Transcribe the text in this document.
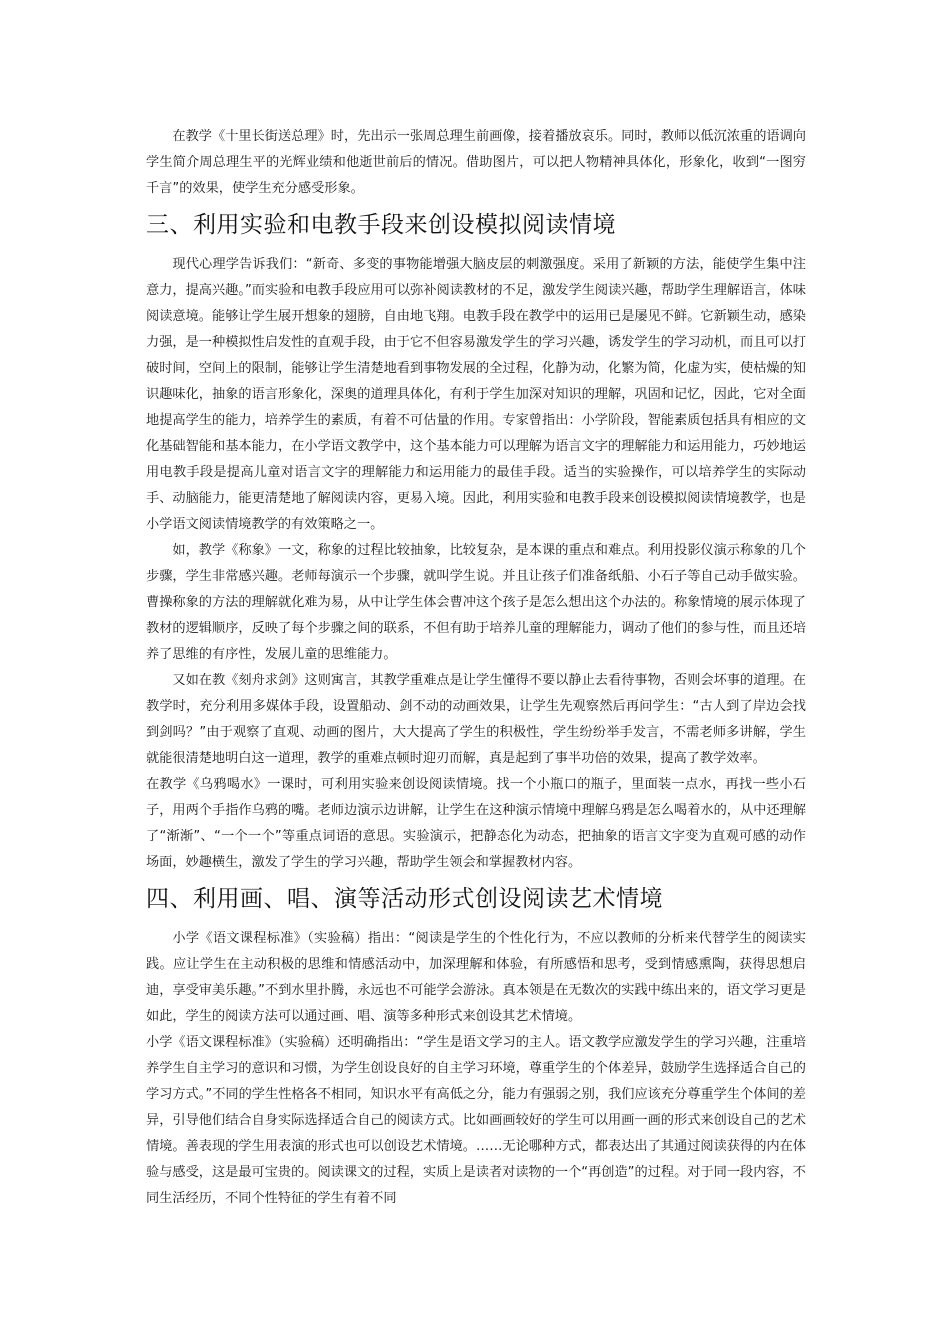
在教学《十里长街送总理》时，先出示一张周总理生前画像，接着播放哀乐。同时，教师以低沉浓重的语调向学生简介周总理生平的光辉业绩和他逝世前后的情况。借助图片，可以把人物精神具体化，形象化，收到“一图穷千言”的效果，使学生充分感受形象。

三、利用实验和电教手段来创设模拟阅读情境

现代心理学告诉我们：“新奇、多变的事物能增强大脑皮层的刺激强度。采用了新颖的方法，能使学生集中注意力，提高兴趣。”而实验和电教手段应用可以弥补阅读教材的不足，激发学生阅读兴趣，帮助学生理解语言，体味阅读意境。能够让学生展开想象的翅膀，自由地飞翔。电教手段在教学中的运用已是屡见不鲜。它新颖生动，感染力强，是一种模拟性启发性的直观手段，由于它不但容易激发学生的学习兴趣，诱发学生的学习动机，而且可以打破时间，空间上的限制，能够让学生清楚地看到事物发展的全过程，化静为动，化繁为简，化虚为实，使枯燥的知识趣味化，抽象的语言形象化，深奥的道理具体化，有利于学生加深对知识的理解，巩固和记忆，因此，它对全面地提高学生的能力，培养学生的素质，有着不可估量的作用。专家曾指出：小学阶段，智能素质包括具有相应的文化基础智能和基本能力，在小学语文教学中，这个基本能力可以理解为语言文字的理解能力和运用能力，巧妙地运用电教手段是提高儿童对语言文字的理解能力和运用能力的最佳手段。适当的实验操作，可以培养学生的实际动手、动脑能力，能更清楚地了解阅读内容，更易入境。因此，利用实验和电教手段来创设模拟阅读情境教学，也是小学语文阅读情境教学的有效策略之一。

如，教学《称象》一文，称象的过程比较抽象，比较复杂，是本课的重点和难点。利用投影仪演示称象的几个步骤，学生非常感兴趣。老师每演示一个步骤，就叫学生说。并且让孩子们准备纸船、小石子等自己动手做实验。曹操称象的方法的理解就化难为易，从中让学生体会曹冲这个孩子是怎么想出这个办法的。称象情境的展示体现了教材的逻辑顺序，反映了每个步骤之间的联系，不但有助于培养儿童的理解能力，调动了他们的参与性，而且还培养了思维的有序性，发展儿童的思维能力。

又如在教《刻舟求剑》这则寓言，其教学重难点是让学生懂得不要以静止去看待事物，否则会坏事的道理。在教学时，充分利用多媒体手段，设置船动、剑不动的动画效果，让学生先观察然后再问学生：“古人到了岸边会找到剑吗？”由于观察了直观、动画的图片，大大提高了学生的积极性，学生纷纷举手发言，不需老师多讲解，学生就能很清楚地明白这一道理，教学的重难点顿时迎刃而解，真是起到了事半功倍的效果，提高了教学效率。

在教学《乌鸦喝水》一课时，可利用实验来创设阅读情境。找一个小瓶口的瓶子，里面装一点水，再找一些小石子，用两个手指作乌鸦的嘴。老师边演示边讲解，让学生在这种演示情境中理解乌鸦是怎么喝着水的，从中还理解了“渐渐”、“一个一个”等重点词语的意思。实验演示，把静态化为动态，把抽象的语言文字变为直观可感的动作场面，妙趣横生，激发了学生的学习兴趣，帮助学生领会和掌握教材内容。

四、利用画、唱、演等活动形式创设阅读艺术情境

小学《语文课程标准》（实验稿）指出：“阅读是学生的个性化行为，不应以教师的分析来代替学生的阅读实践。应让学生在主动积极的思维和情感活动中，加深理解和体验，有所感悟和思考，受到情感熏陶，获得思想启迪，享受审美乐趣。”不到水里扑腾，永远也不可能学会游泳。真本领是在无数次的实践中练出来的，语文学习更是如此，学生的阅读方法可以通过画、唱、演等多种形式来创设其艺术情境。

小学《语文课程标准》（实验稿）还明确指出：“学生是语文学习的主人。语文教学应激发学生的学习兴趣，注重培养学生自主学习的意识和习惯，为学生创设良好的自主学习环境，尊重学生的个体差异，鼓励学生选择适合自己的学习方式。”不同的学生性格各不相同，知识水平有高低之分，能力有强弱之别，我们应该充分尊重学生个体间的差异，引导他们结合自身实际选择适合自己的阅读方式。比如画画较好的学生可以用画一画的形式来创设自己的艺术情境。善表现的学生用表演的形式也可以创设艺术情境。……无论哪种方式，都表达出了其通过阅读获得的内在体验与感受，这是最可宝贵的。阅读课文的过程，实质上是读者对读物的一个“再创造”的过程。对于同一段内容，不同生活经历，不同个性特征的学生有着不同
